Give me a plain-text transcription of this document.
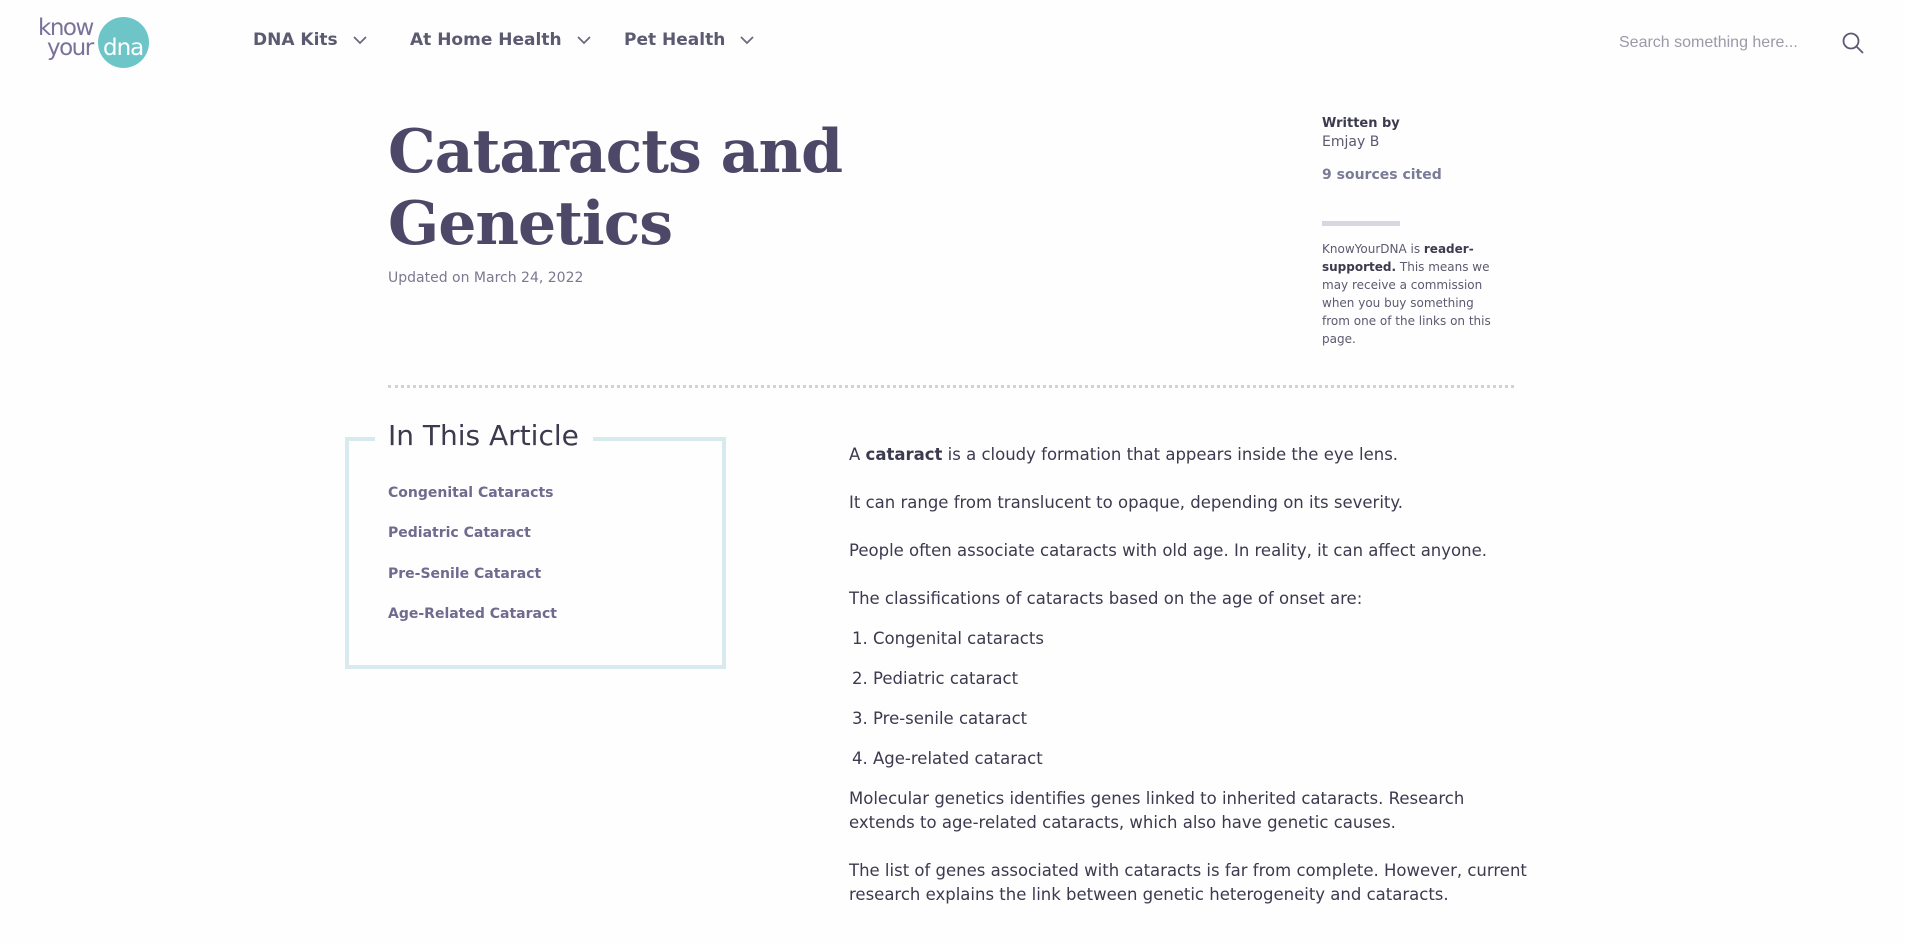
know
your dna	DNA Kits	At Home Health	Pet Health
Search something here...
Cataracts and
Genetics
Updated on March 24, 2022
Written by
Emjay B
9 sources cited
KnowYourDNA is reader-supported. This means we may receive a commission when you buy something from one of the links on this page.
In This Article
Congenital Cataracts
Pediatric Cataract
Pre-Senile Cataract
Age-Related Cataract

A cataract is a cloudy formation that appears inside the eye lens.

It can range from translucent to opaque, depending on its severity.

People often associate cataracts with old age. In reality, it can affect anyone.

The classifications of cataracts based on the age of onset are:

1. Congenital cataracts
2. Pediatric cataract
3. Pre-senile cataract
4. Age-related cataract

Molecular genetics identifies genes linked to inherited cataracts. Research extends to age-related cataracts, which also have genetic causes.

The list of genes associated with cataracts is far from complete. However, current research explains the link between genetic heterogeneity and cataracts.
